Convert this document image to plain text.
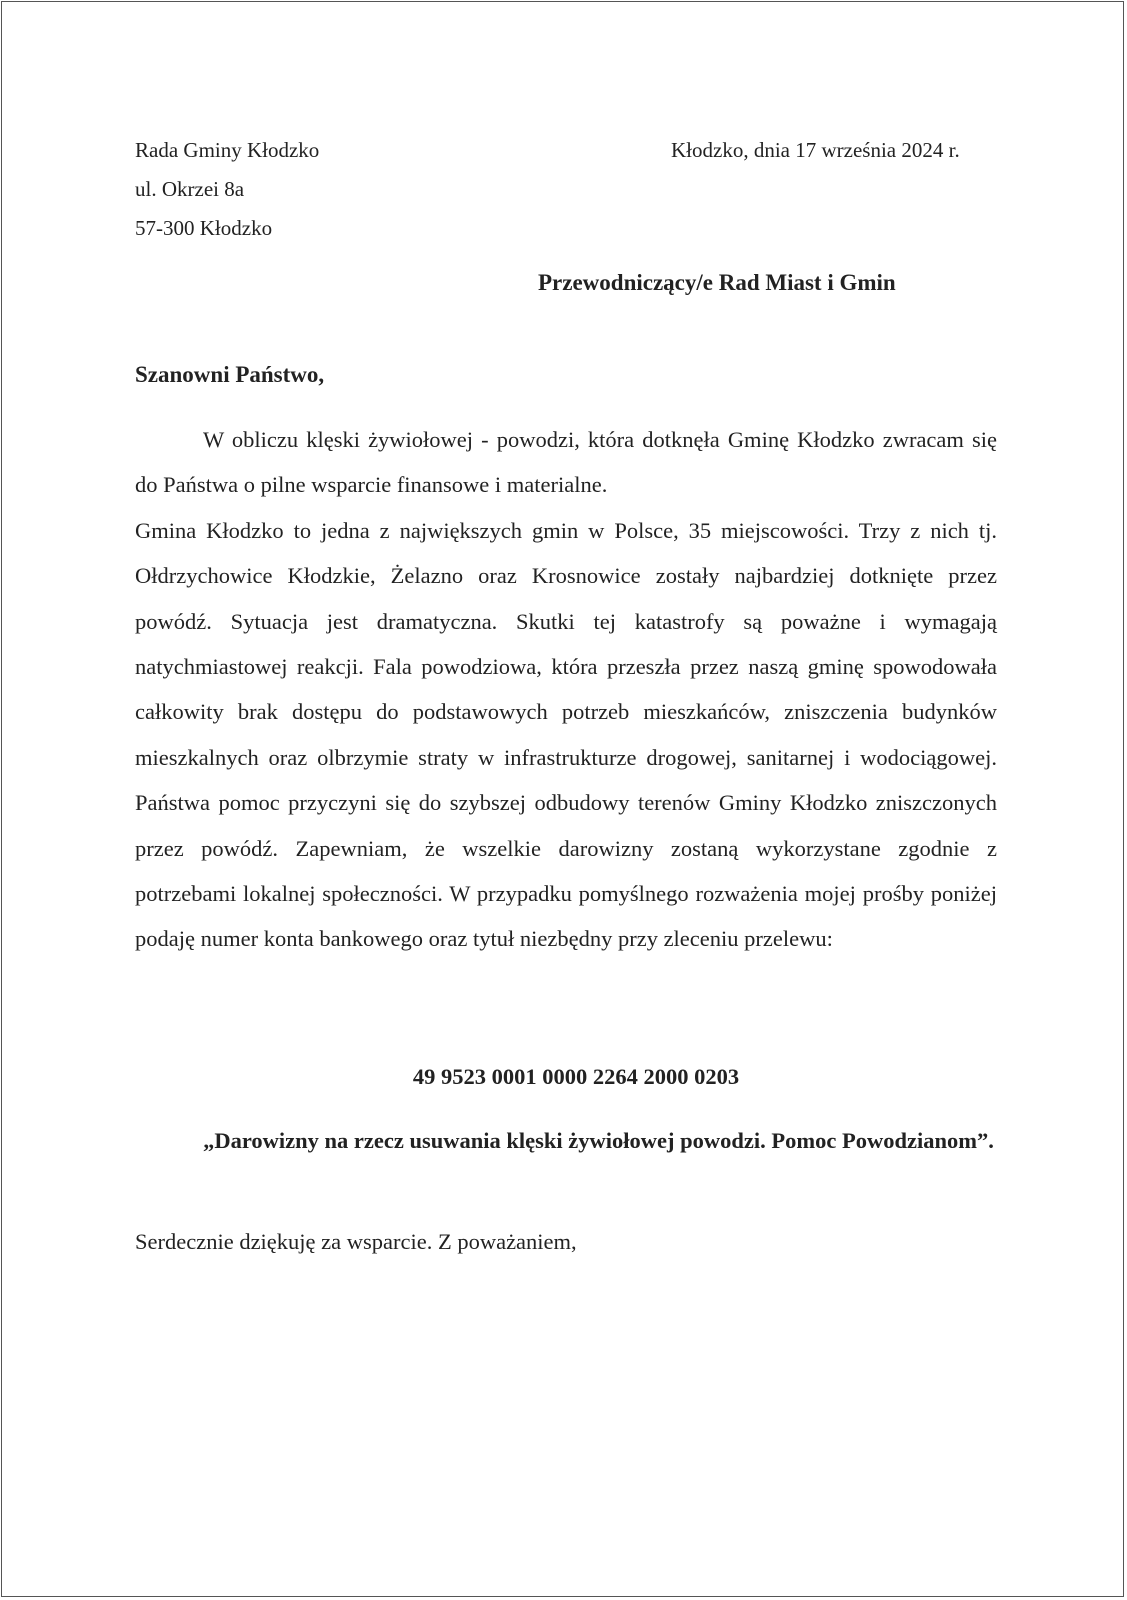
Rada Gminy Kłodzko
ul. Okrzei 8a
57-300 Kłodzko
Kłodzko, dnia 17 września 2024 r.
Przewodniczący/e Rad Miast i Gmin
Szanowni Państwo,

W obliczu klęski żywiołowej - powodzi, która dotknęła Gminę Kłodzko zwracam się do Państwa o pilne wsparcie finansowe i materialne.

Gmina Kłodzko to jedna z największych gmin w Polsce, 35 miejscowości. Trzy z nich tj. Ołdrzychowice Kłodzkie, Żelazno oraz Krosnowice zostały najbardziej dotknięte przez powódź. Sytuacja jest dramatyczna. Skutki tej katastrofy są poważne i wymagają natychmiastowej reakcji. Fala powodziowa, która przeszła przez naszą gminę spowodowała całkowity brak dostępu do podstawowych potrzeb mieszkańców, zniszczenia budynków mieszkalnych oraz olbrzymie straty w infrastrukturze drogowej, sanitarnej i wodociągowej. Państwa pomoc przyczyni się do szybszej odbudowy terenów Gminy Kłodzko zniszczonych przez powódź. Zapewniam, że wszelkie darowizny zostaną wykorzystane zgodnie z potrzebami lokalnej społeczności. W przypadku pomyślnego rozważenia mojej prośby poniżej podaję numer konta bankowego oraz tytuł niezbędny przy zleceniu przelewu:

49 9523 0001 0000 2264 2000 0203
„Darowizny na rzecz usuwania klęski żywiołowej powodzi. Pomoc Powodzianom”.
Serdecznie dziękuję za wsparcie. Z poważaniem,
